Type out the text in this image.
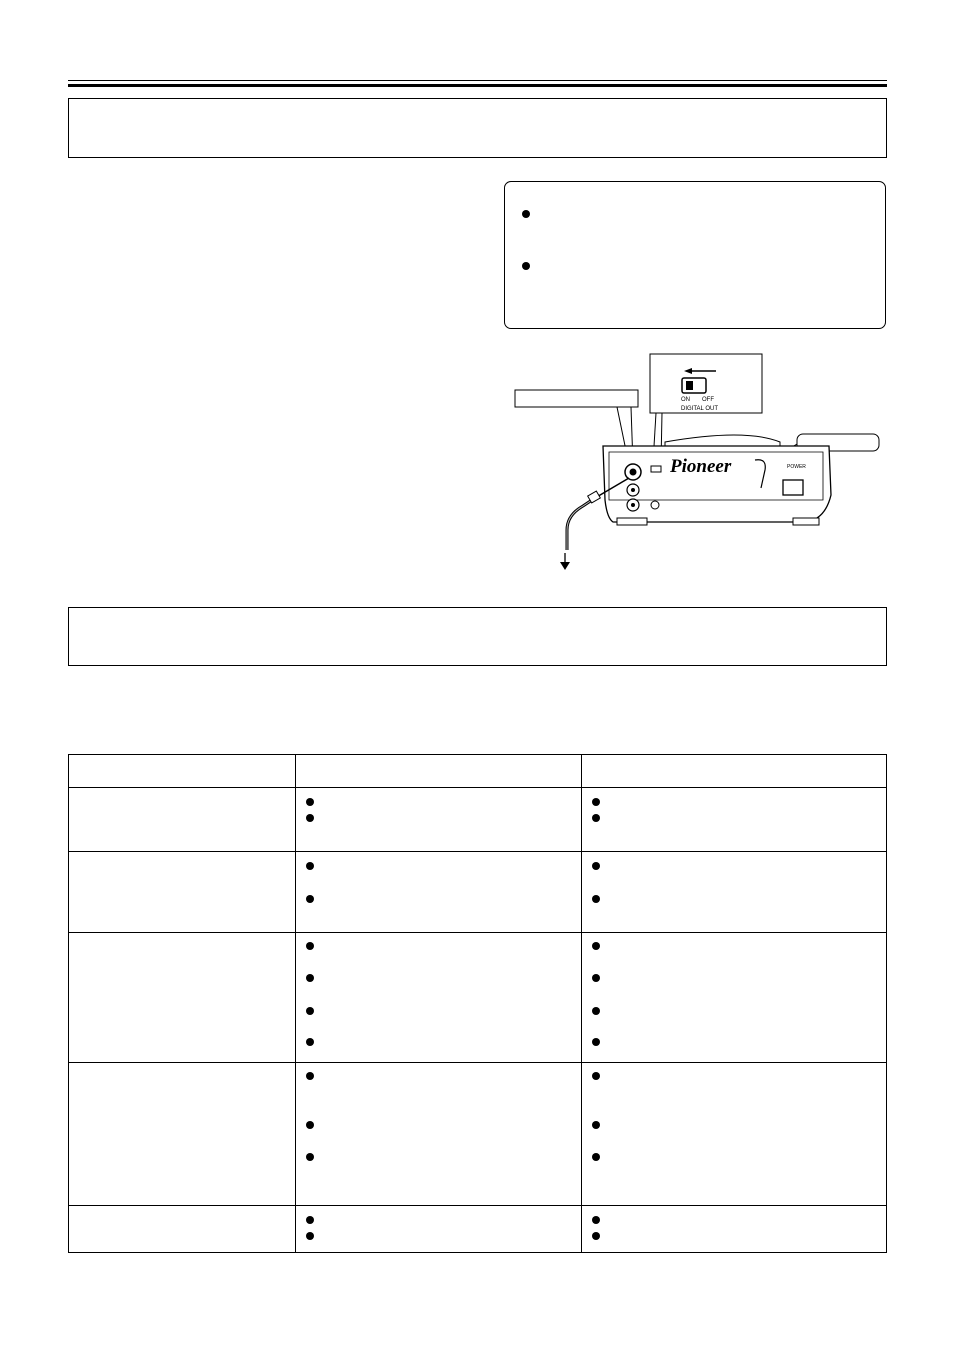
ON OFF
DIGITAL OUT
Pioneer	POWER
